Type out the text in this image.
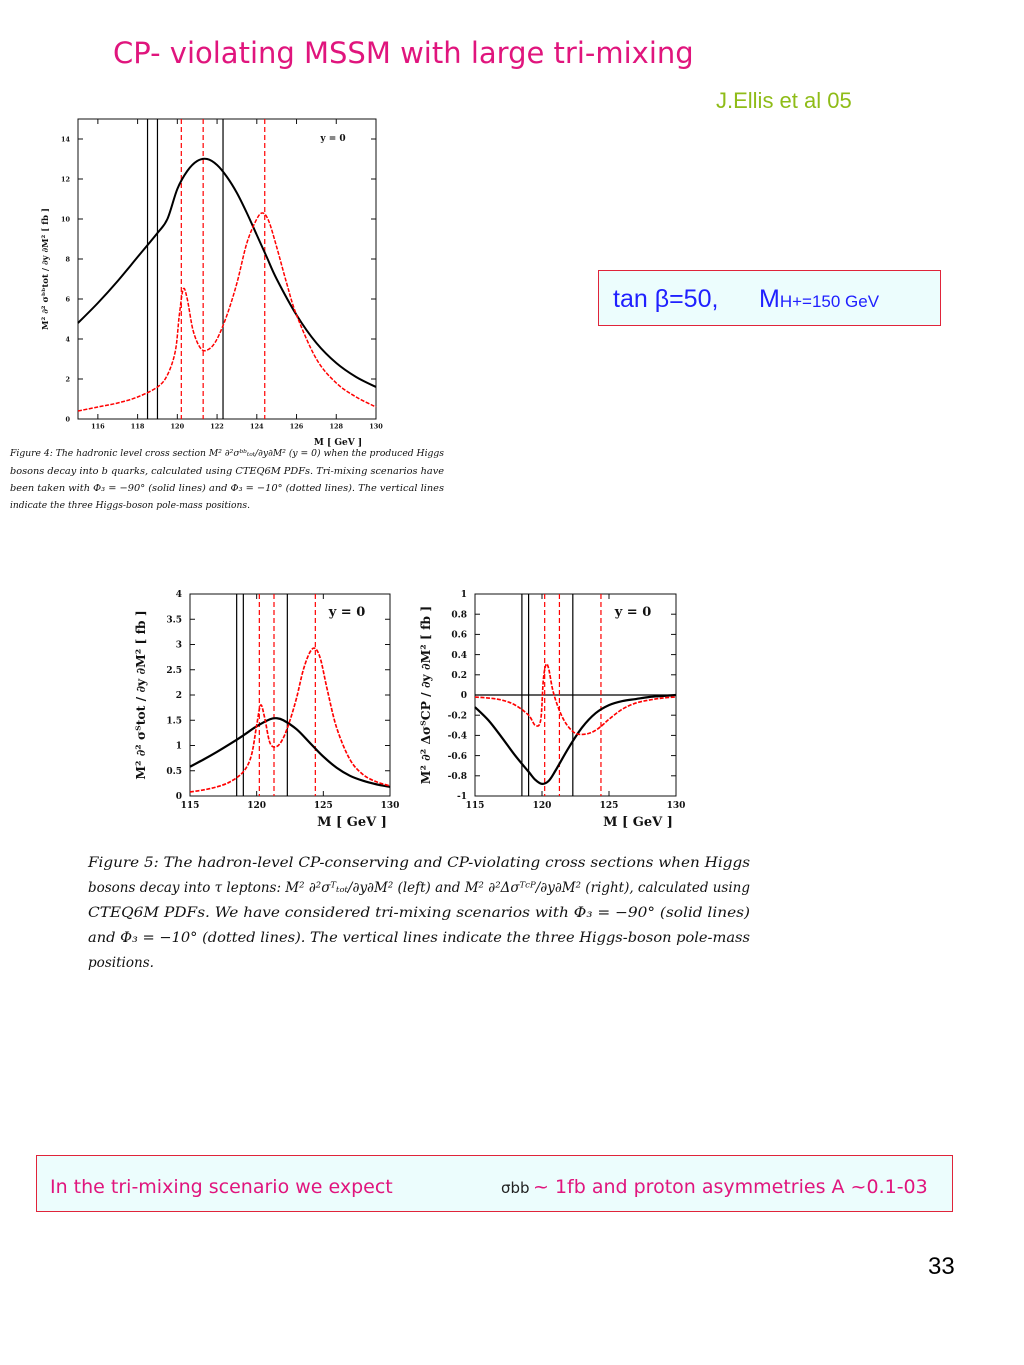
CP- violating MSSM with large tri-mixing
J.Ellis et al 05
tan β=50, MH+=150 GeV
In the tri-mixing scenario we expect	σbb ~ 1fb and proton asymmetries A ~0.1-03
33
Figure 4: The hadronic level cross section M² ∂²σᵇᵇₜₒₜ/∂y∂M² (y = 0) when the produced Higgs
bosons decay into b quarks, calculated using CTEQ6M PDFs. Tri-mixing scenarios have
been taken with Φ₃ = −90° (solid lines) and Φ₃ = −10° (dotted lines). The vertical lines
indicate the three Higgs-boson pole-mass positions.
Figure 5: The hadron-level CP-conserving and CP-violating cross sections when Higgs
bosons decay into τ leptons: M² ∂²σᵀₜₒₜ/∂y∂M² (left) and M² ∂²Δσᵀᶜᴾ/∂y∂M² (right), calculated using
CTEQ6M PDFs. We have considered tri-mixing scenarios with Φ₃ = −90° (solid lines)
and Φ₃ = −10° (dotted lines). The vertical lines indicate the three Higgs-boson pole-mass
positions.
116	118	120	122	124	126	128	130
0
2
4
6
8
10
12
14
M [ GeV ]
M² ∂² σᵇᵇtot / ∂y ∂M² [ fb ]
y = 0
115	120	125	130
0
0.5
1
1.5
2
2.5
3
3.5
4
M [ GeV ]
M² ∂² σᵀtot / ∂y ∂M² [ fb ]	y = 0
115	120	125	130
-1
-0.8
-0.6
-0.4
-0.2
0
0.2
0.4
0.6
0.8
1
M [ GeV ]
M² ∂² ΔσᵀCP / ∂y ∂M² [ fb ]	y = 0
